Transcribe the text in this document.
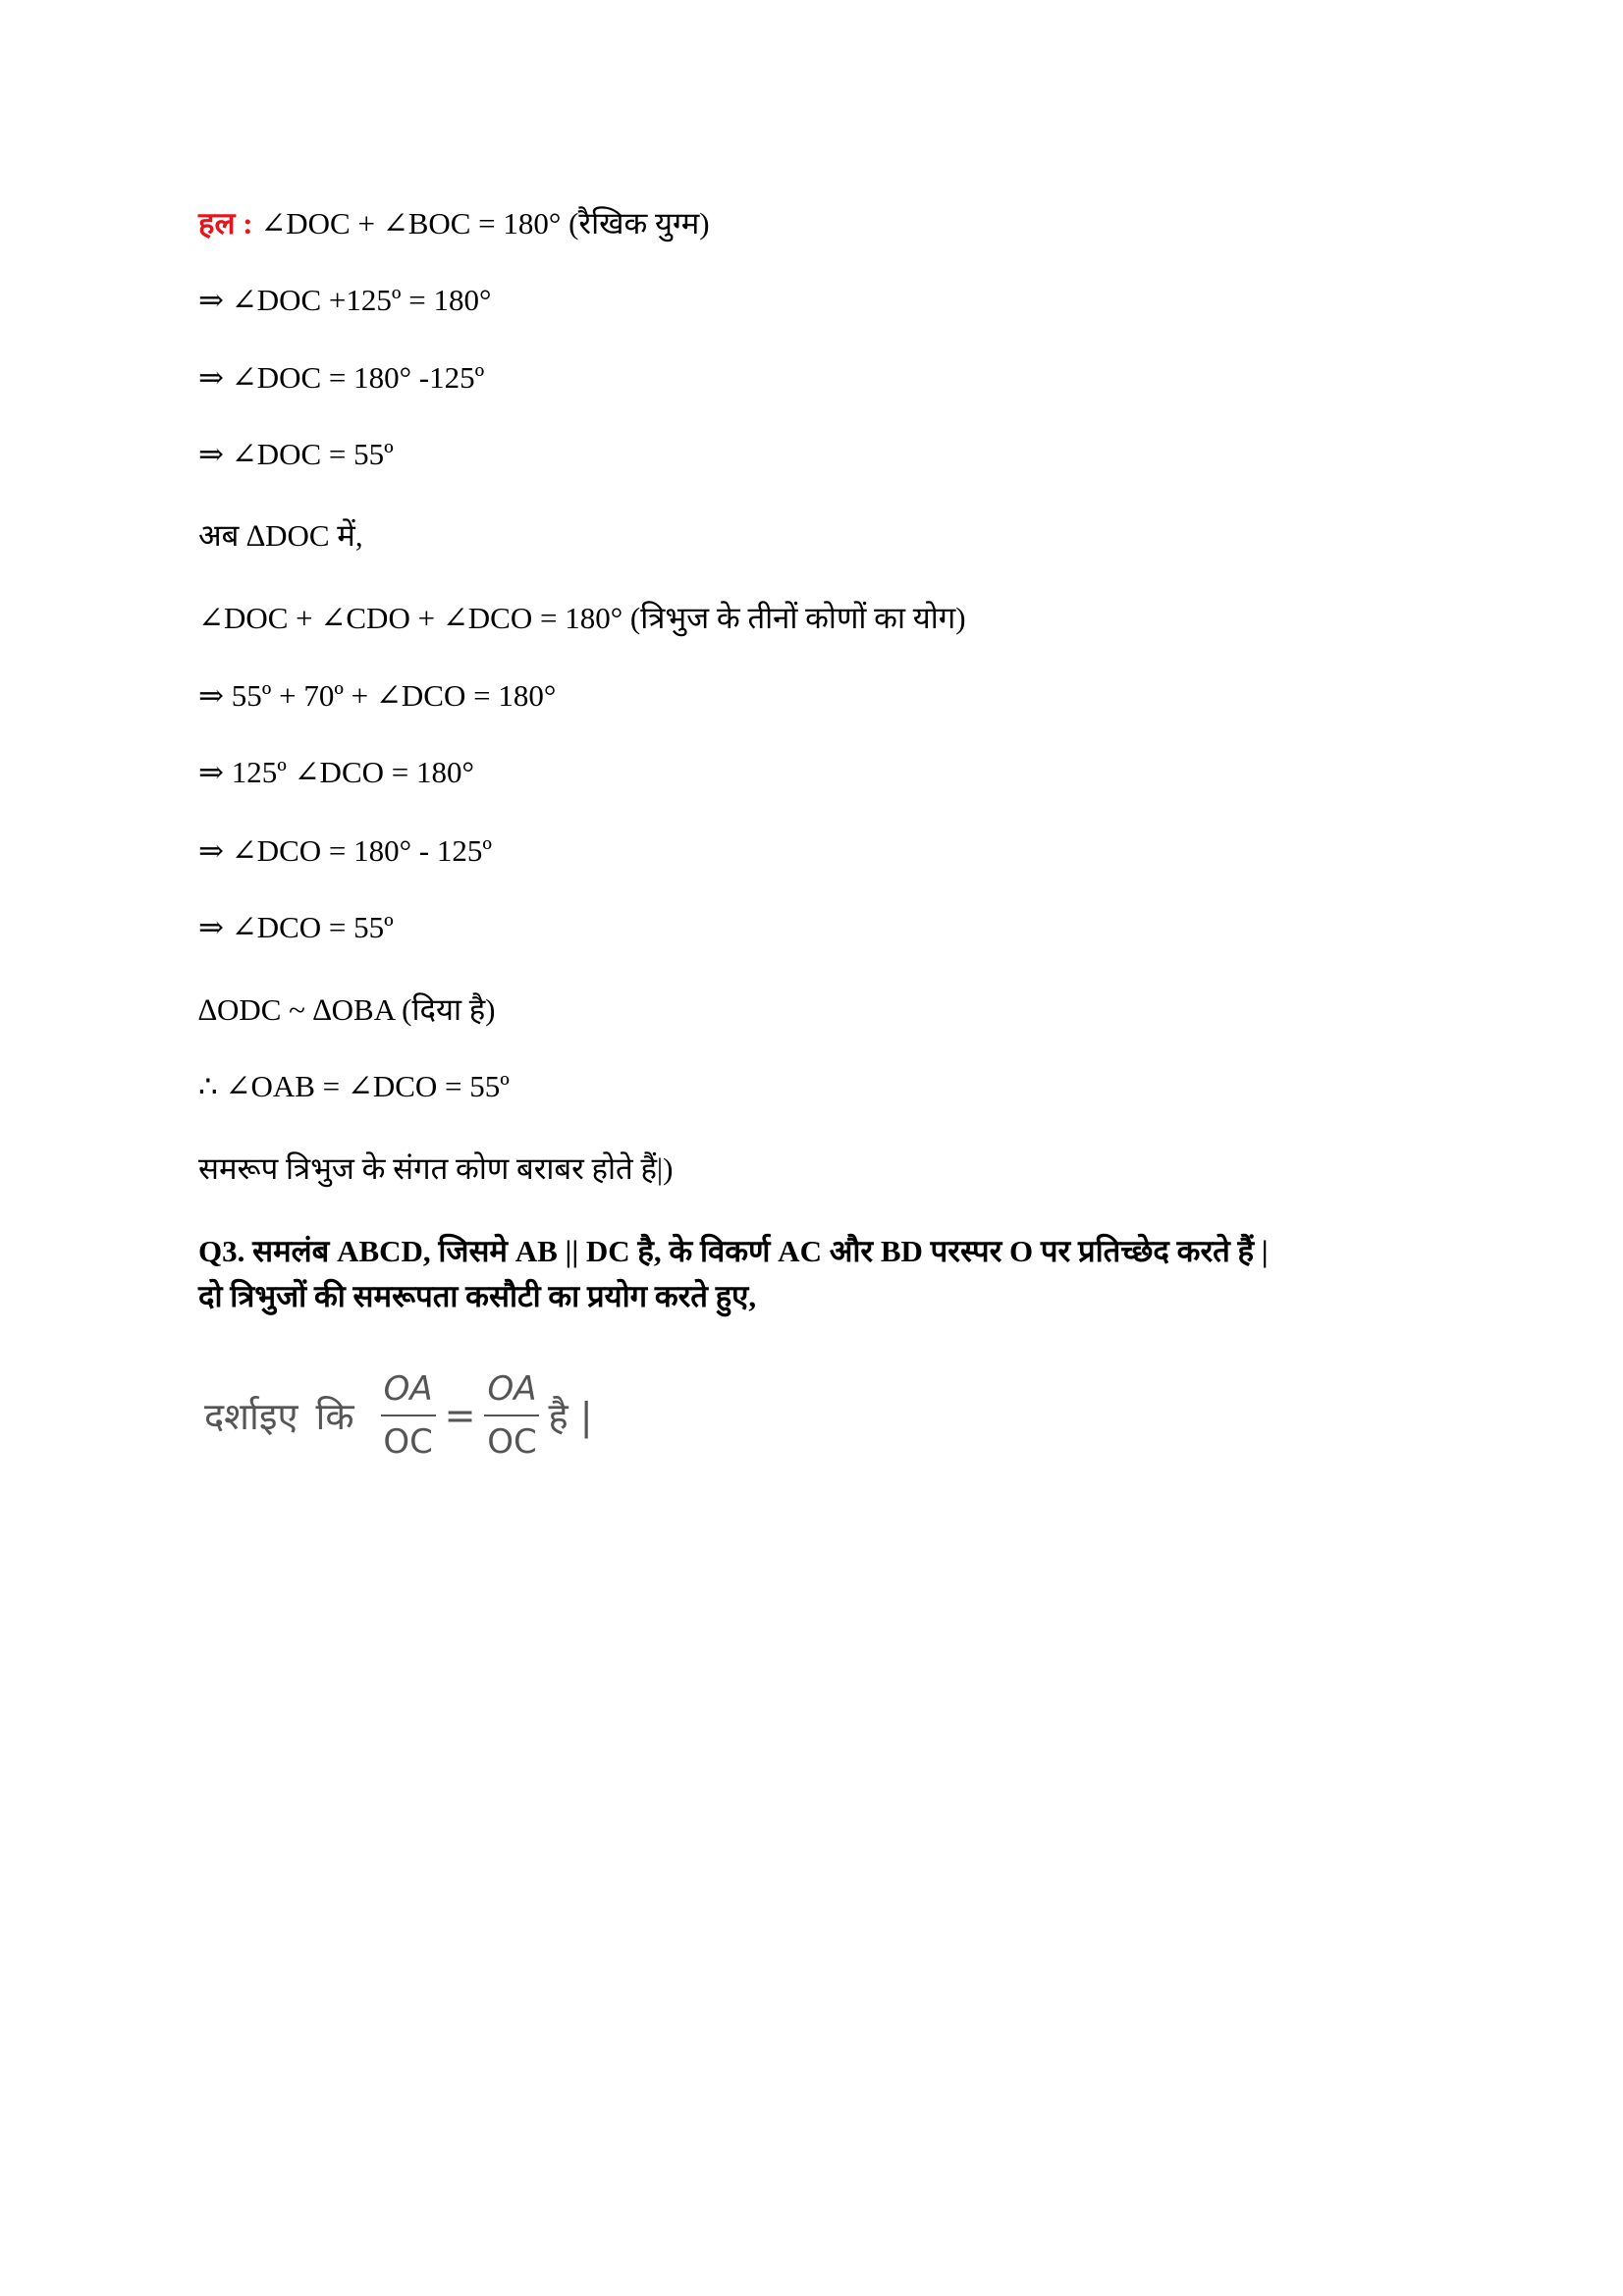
हल : ∠DOC + ∠BOC = 180° (रैखिक युग्म)
⇒ ∠DOC +125º = 180°
⇒ ∠DOC = 180° -125º
⇒ ∠DOC = 55º
अब ∆DOC में,
∠DOC + ∠CDO + ∠DCO = 180° (त्रिभुज के तीनों कोणों का योग)
⇒ 55º + 70º + ∠DCO = 180°
⇒ 125º ∠DCO = 180°
⇒ ∠DCO = 180° - 125º
⇒ ∠DCO = 55º
∆ODC ~ ∆OBA (दिया है)
∴ ∠OAB = ∠DCO = 55º
समरूप त्रिभुज के संगत कोण बराबर होते हैं|)
Q3. समलंब ABCD, जिसमे AB || DC है, के विकर्ण AC और BD परस्पर O पर प्रतिच्छेद करते हैं |
दो त्रिभुजों की समरूपता कसौटी का प्रयोग करते हुए,
दर्शाइए कि $\frac{OA}{OC} = \frac{OA}{OC}$ है |
